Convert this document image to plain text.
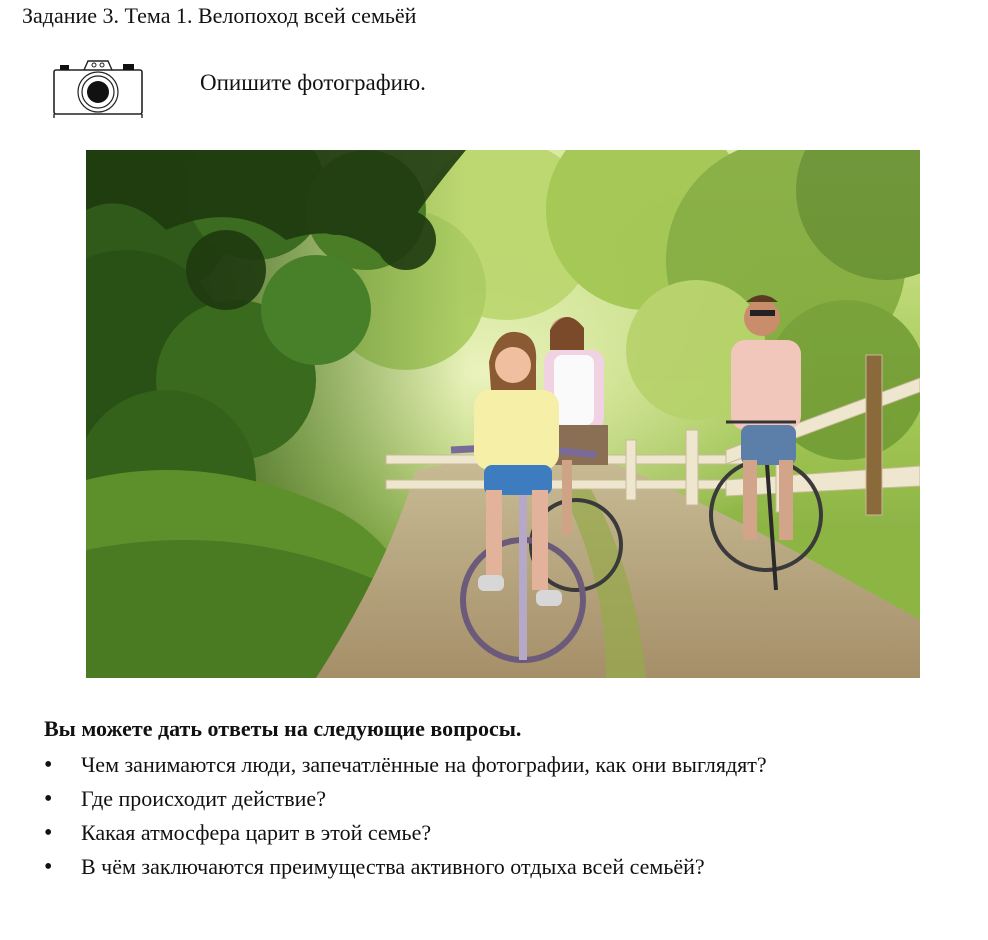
Задание 3. Тема 1. Велопоход всей семьёй
Опишите фотографию.
Вы можете дать ответы на следующие вопросы.
• Чем занимаются люди, запечатлённые на фотографии, как они выглядят?
• Где происходит действие?
• Какая атмосфера царит в этой семье?
• В чём заключаются преимущества активного отдыха всей семьёй?
